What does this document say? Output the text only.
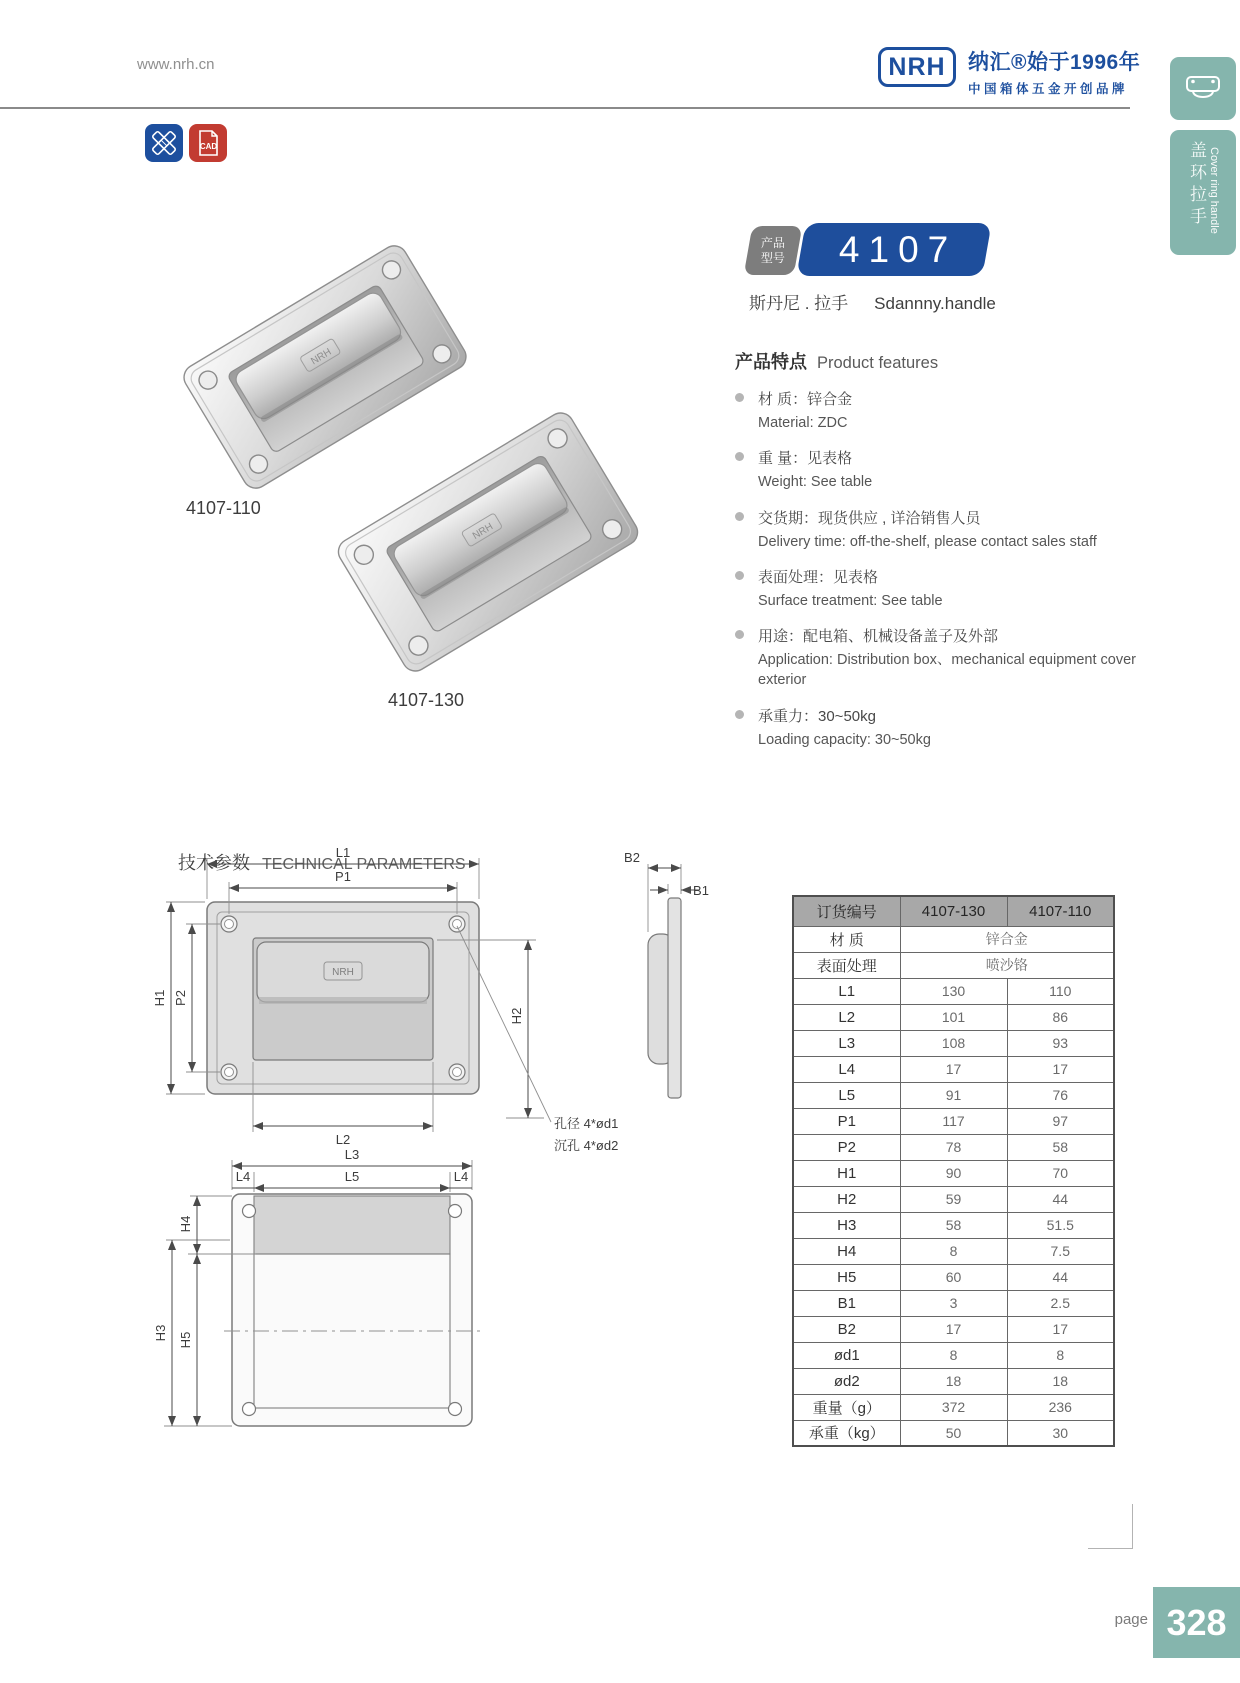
www.nrh.cn	NRH 纳汇®始于1996年
中国箱体五金开创品牌
CAD	盖环拉手 Cover ring handle
产品
型号 4107
斯丹尼 . 拉手 Sdannny.handle
产品特点 Product features
材 质：锌合金
Material: ZDC
重 量：见表格
Weight: See table
交货期：现货供应 , 详洽销售人员
Delivery time: off-the-shelf, please contact sales staff
表面处理：见表格
Surface treatment: See table
用途：配电箱、机械设备盖子及外部
Application: Distribution box、mechanical equipment cover exterior
承重力：30~50kg
Loading capacity: 30~50kg
NRH
4107-110
NRH
4107-130
技术参数 TECHNICAL PARAMETERS
NRH
L1
P1
H1 P2
H2
L2
孔径 4*ød1
沉孔 4*ød2
B2
B1
L3
L4	L5	L4
H4
H3 H5
订货编号	4107-130	4107-110
材 质	锌合金	
表面处理	喷沙铬	
L1	130	110
L2	101	86
L3	108	93
L4	17	17
L5	91	76
P1	117	97
P2	78	58
H1	90	70
H2	59	44
H3	58	51.5
H4	8	7.5
H5	60	44
B1	3	2.5
B2	17	17
ød1	8	8
ød2	18	18
重量（g）	372	236
承重（kg）	50	30
page 328
